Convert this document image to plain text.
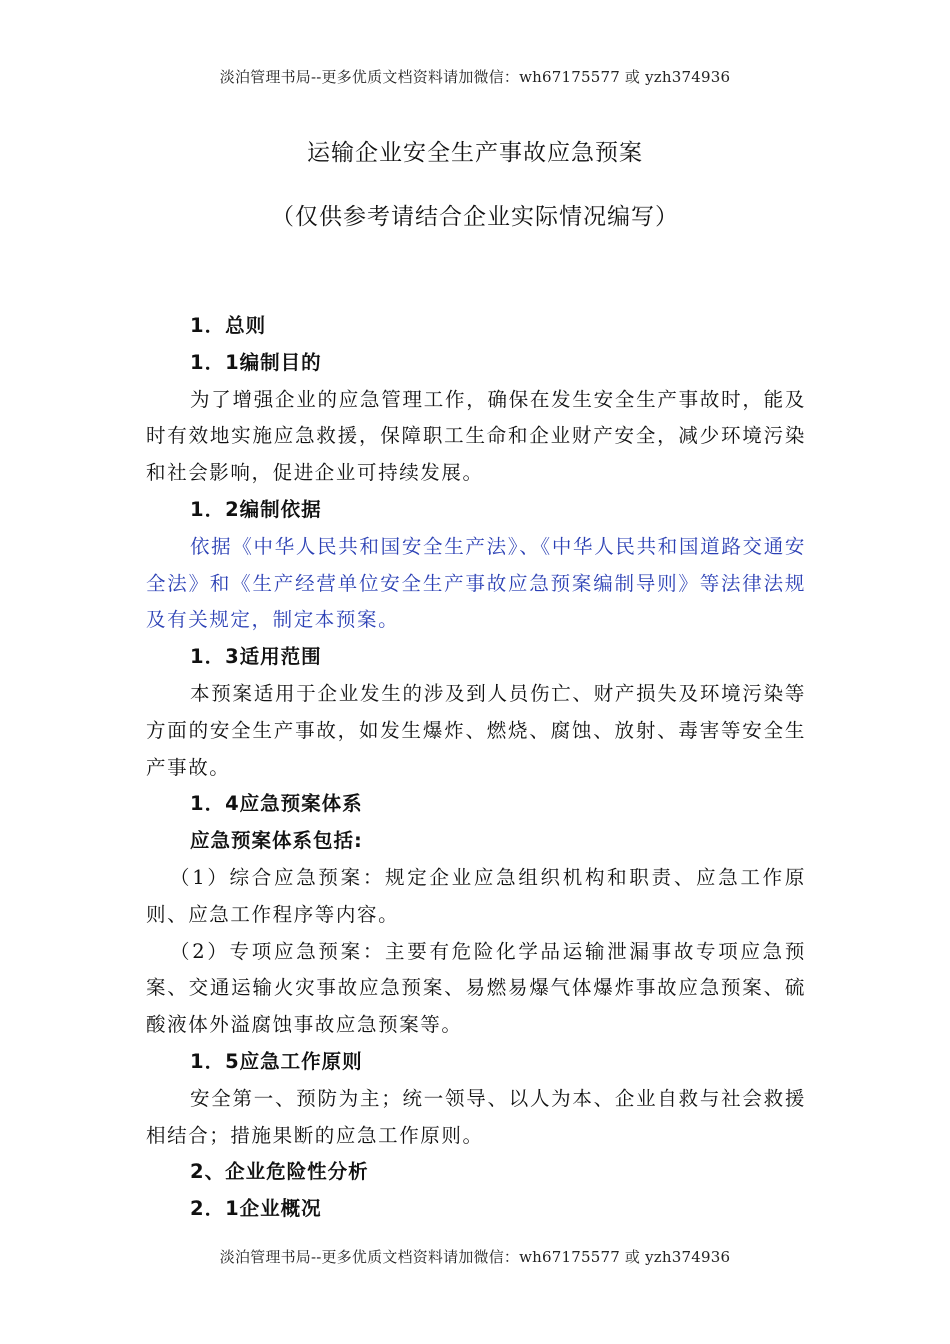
淡泊管理书局--更多优质文档资料请加微信：wh67175577 或 yzh374936
运输企业安全生产事故应急预案
（仅供参考请结合企业实际情况编写）
1．总则
1．1编制目的
为了增强企业的应急管理工作，确保在发生安全生产事故时，能及时有效地实施应急救援，保障职工生命和企业财产安全，减少环境污染和社会影响，促进企业可持续发展。
1．2编制依据
依据《中华人民共和国安全生产法》、《中华人民共和国道路交通安全法》和《生产经营单位安全生产事故应急预案编制导则》等法律法规及有关规定，制定本预案。
1．3适用范围
本预案适用于企业发生的涉及到人员伤亡、财产损失及环境污染等方面的安全生产事故，如发生爆炸、燃烧、腐蚀、放射、毒害等安全生产事故。
1．4应急预案体系
应急预案体系包括:
（1）综合应急预案：规定企业应急组织机构和职责、应急工作原则、应急工作程序等内容。
（2）专项应急预案：主要有危险化学品运输泄漏事故专项应急预案、交通运输火灾事故应急预案、易燃易爆气体爆炸事故应急预案、硫酸液体外溢腐蚀事故应急预案等。
1．5应急工作原则
安全第一、预防为主；统一领导、以人为本、企业自救与社会救援相结合；措施果断的应急工作原则。
2、企业危险性分析
2．1企业概况
淡泊管理书局--更多优质文档资料请加微信：wh67175577 或 yzh374936
